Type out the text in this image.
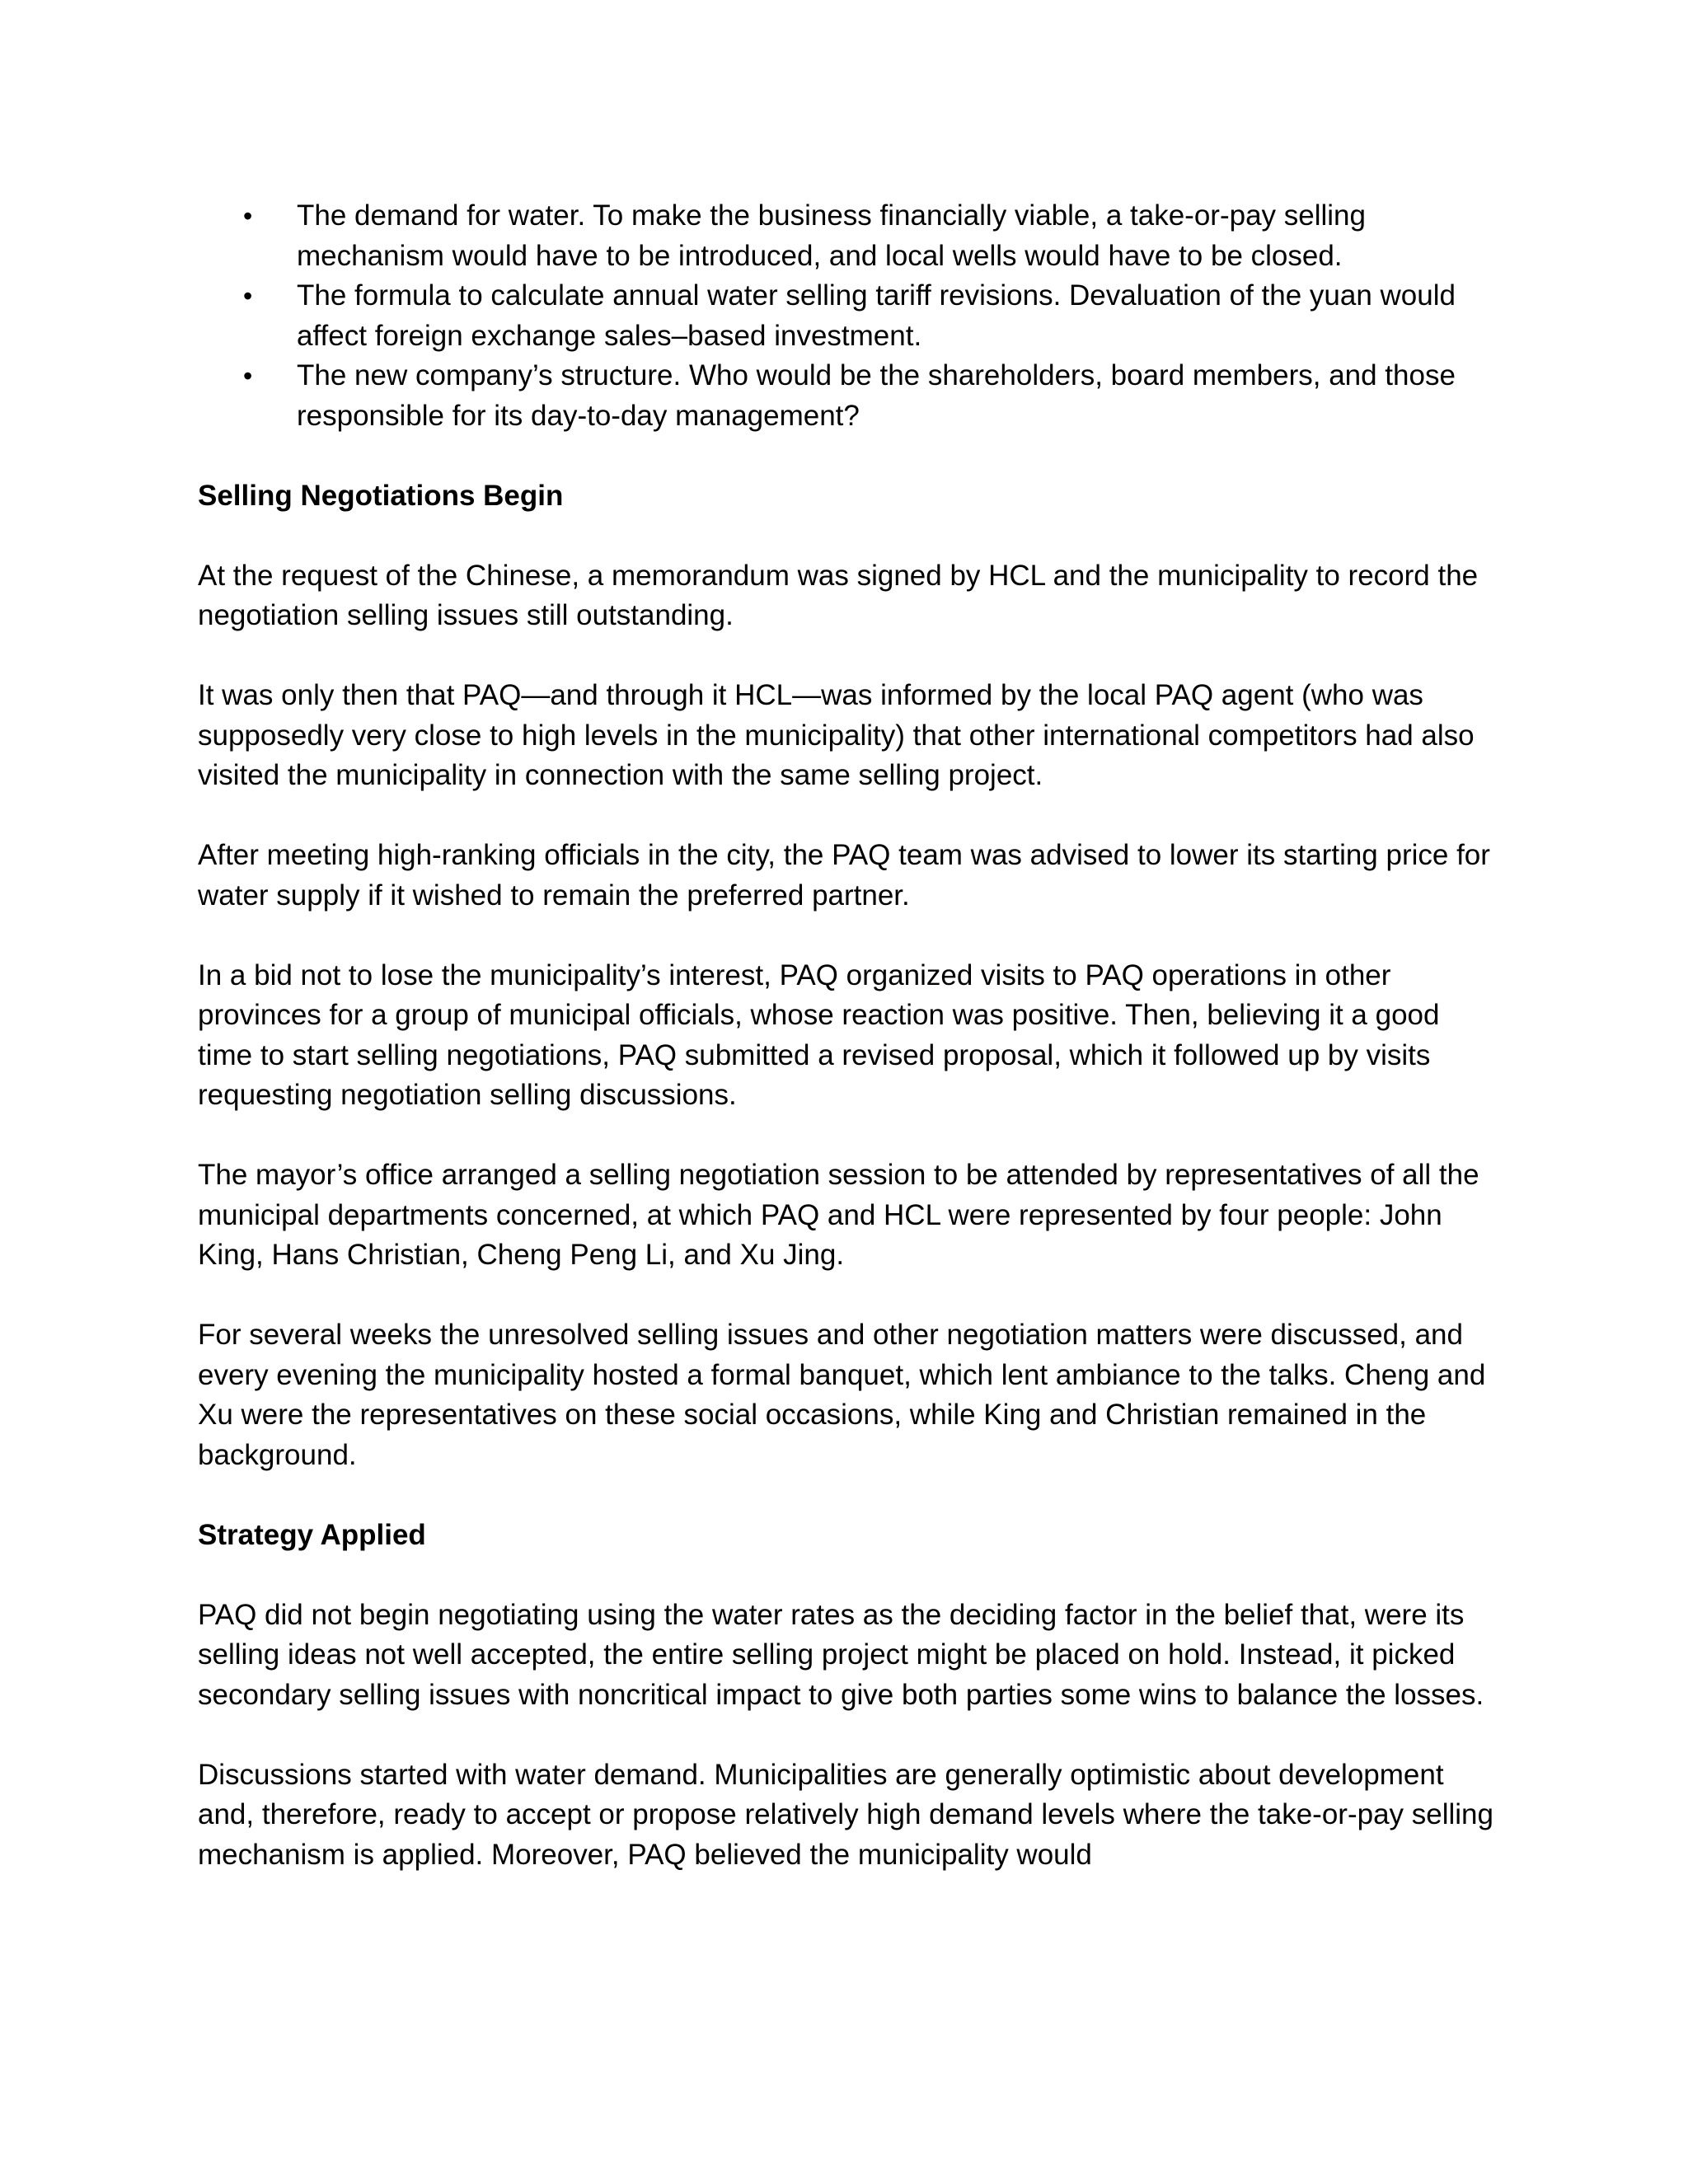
• The demand for water. To make the business financially viable, a take-or-pay selling mechanism would have to be introduced, and local wells would have to be closed.
• The formula to calculate annual water selling tariff revisions. Devaluation of the yuan would affect foreign exchange sales–based investment.
• The new company’s structure. Who would be the shareholders, board members, and those responsible for its day-to-day management?
Selling Negotiations Begin

At the request of the Chinese, a memorandum was signed by HCL and the municipality to record the negotiation selling issues still outstanding.

It was only then that PAQ—and through it HCL—was informed by the local PAQ agent (who was supposedly very close to high levels in the municipality) that other international competitors had also visited the municipality in connection with the same selling project.

After meeting high-ranking officials in the city, the PAQ team was advised to lower its starting price for water supply if it wished to remain the preferred partner.

In a bid not to lose the municipality’s interest, PAQ organized visits to PAQ operations in other provinces for a group of municipal officials, whose reaction was positive. Then, believing it a good time to start selling negotiations, PAQ submitted a revised proposal, which it followed up by visits requesting negotiation selling discussions.

The mayor’s office arranged a selling negotiation session to be attended by representatives of all the municipal departments concerned, at which PAQ and HCL were represented by four people: John King, Hans Christian, Cheng Peng Li, and Xu Jing.

For several weeks the unresolved selling issues and other negotiation matters were discussed, and every evening the municipality hosted a formal banquet, which lent ambiance to the talks. Cheng and Xu were the representatives on these social occasions, while King and Christian remained in the background.

Strategy Applied

PAQ did not begin negotiating using the water rates as the deciding factor in the belief that, were its selling ideas not well accepted, the entire selling project might be placed on hold. Instead, it picked secondary selling issues with noncritical impact to give both parties some wins to balance the losses.

Discussions started with water demand. Municipalities are generally optimistic about development and, therefore, ready to accept or propose relatively high demand levels where the take-or-pay selling mechanism is applied. Moreover, PAQ believed the municipality would
